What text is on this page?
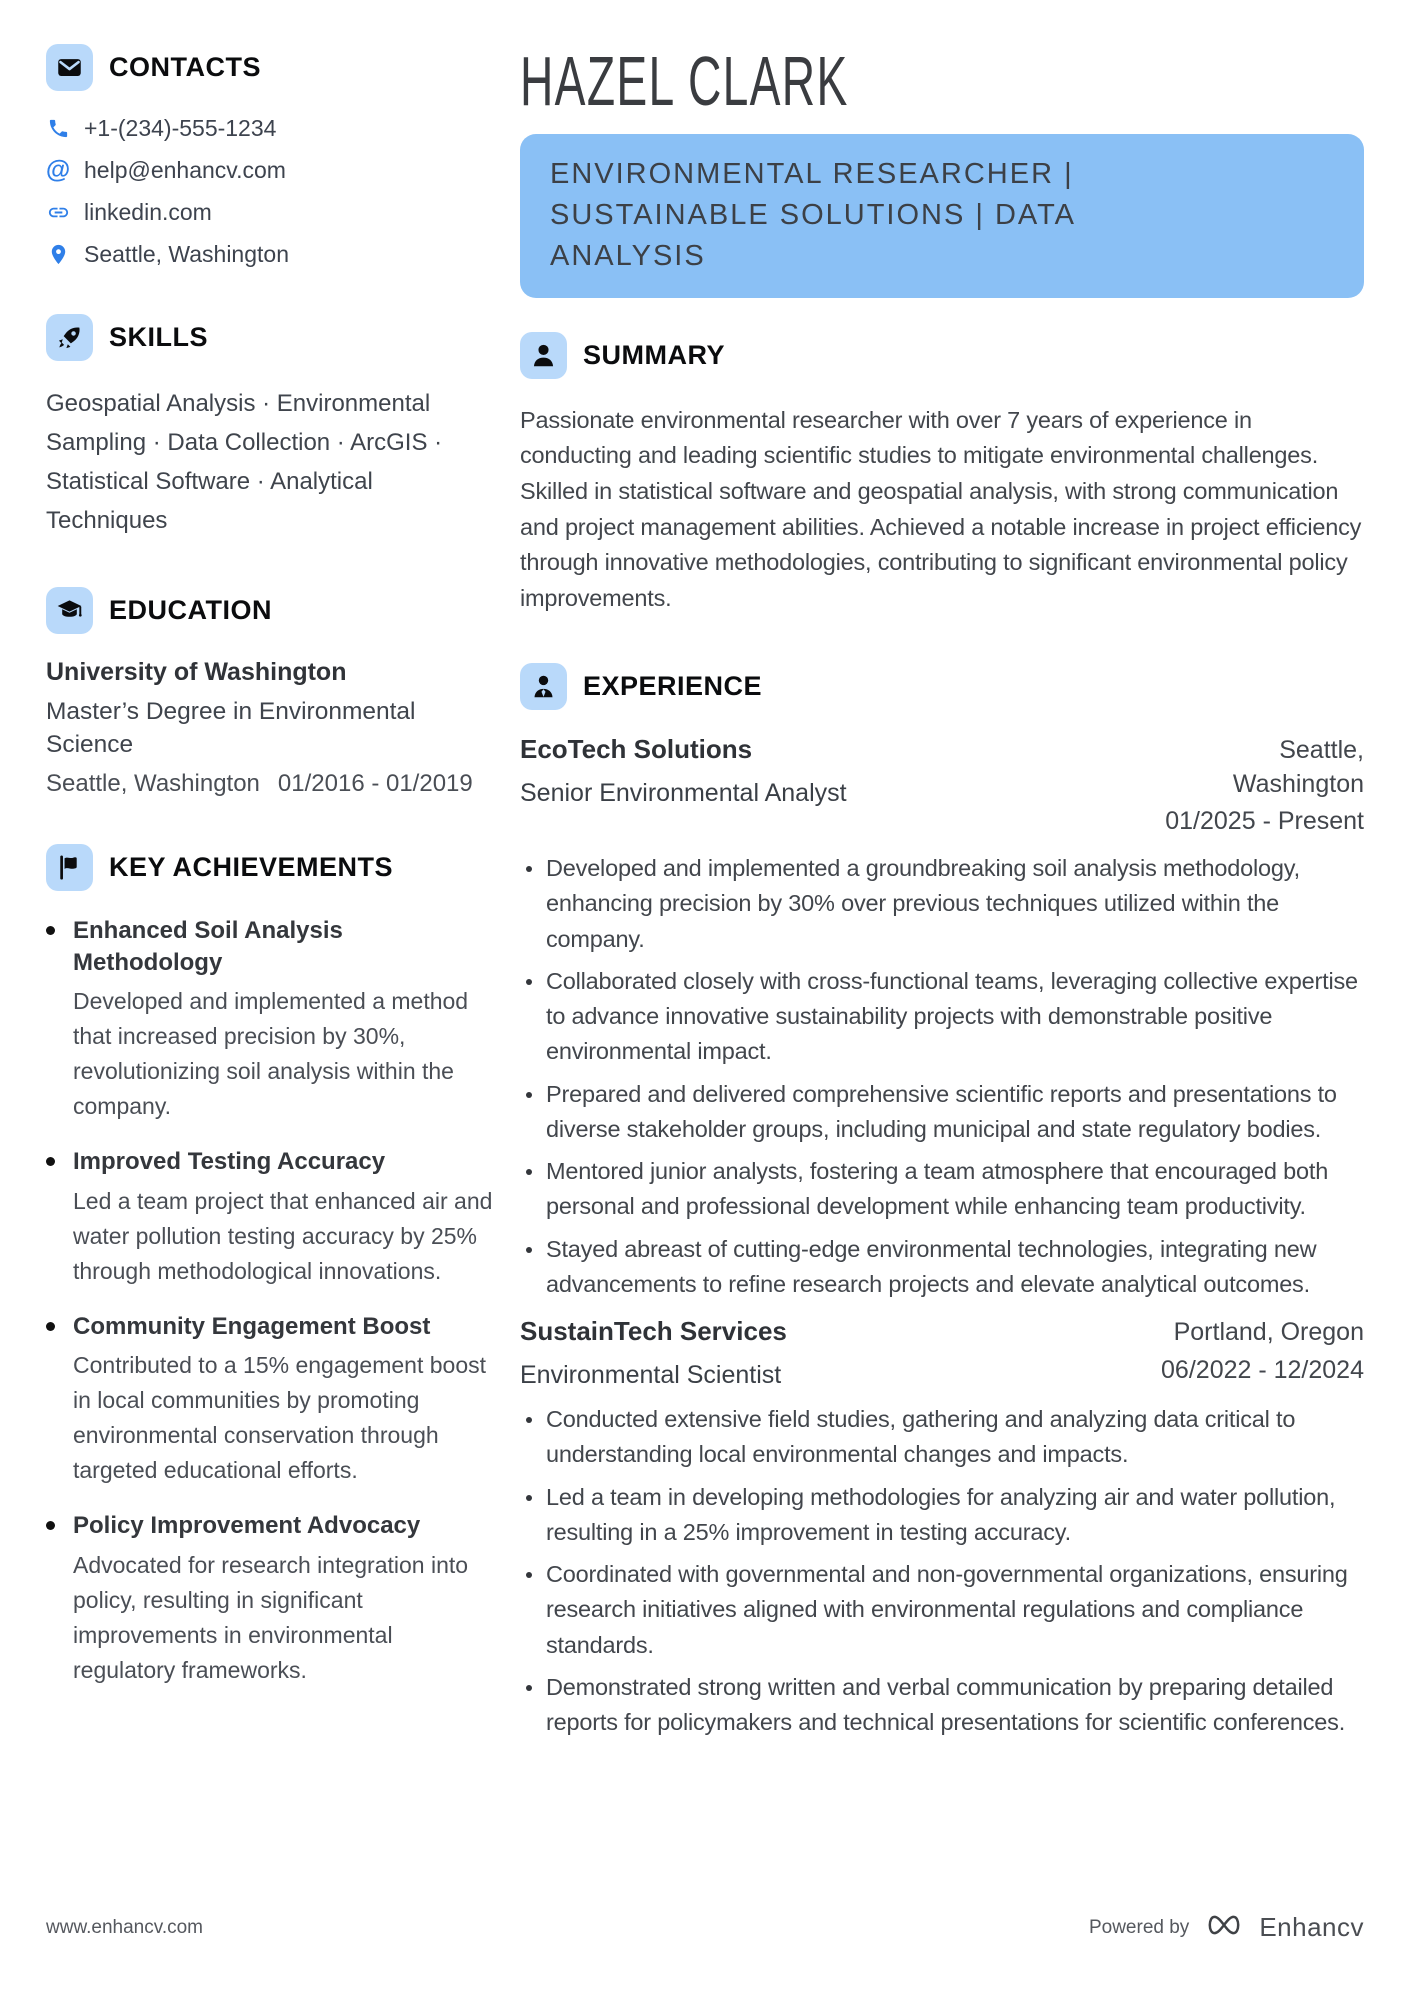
CONTACTS
+1-(234)-555-1234
@ help@enhancv.com
linkedin.com
Seattle, Washington
SKILLS

Geospatial Analysis · Environmental Sampling · Data Collection · ArcGIS · Statistical Software · Analytical Techniques

EDUCATION
University of Washington
Master’s Degree in Environmental Science
Seattle, Washington 01/2016 - 01/2019
KEY ACHIEVEMENTS
Enhanced Soil Analysis Methodology

Developed and implemented a method that increased precision by 30%, revolutionizing soil analysis within the company.

Improved Testing Accuracy

Led a team project that enhanced air and water pollution testing accuracy by 25% through methodological innovations.

Community Engagement Boost

Contributed to a 15% engagement boost in local communities by promoting environmental conservation through targeted educational efforts.

Policy Improvement Advocacy

Advocated for research integration into policy, resulting in significant improvements in environmental regulatory frameworks.

HAZEL CLARK
ENVIRONMENTAL RESEARCHER | SUSTAINABLE SOLUTIONS | DATA ANALYSIS
SUMMARY

Passionate environmental researcher with over 7 years of experience in conducting and leading scientific studies to mitigate environmental challenges. Skilled in statistical software and geospatial analysis, with strong communication and project management abilities. Achieved a notable increase in project efficiency through innovative methodologies, contributing to significant environmental policy improvements.

EXPERIENCE
EcoTech Solutions
Senior Environmental Analyst
Seattle, Washington
01/2025 - Present
Developed and implemented a groundbreaking soil analysis methodology, enhancing precision by 30% over previous techniques utilized within the company.
Collaborated closely with cross-functional teams, leveraging collective expertise to advance innovative sustainability projects with demonstrable positive environmental impact.
Prepared and delivered comprehensive scientific reports and presentations to diverse stakeholder groups, including municipal and state regulatory bodies.
Mentored junior analysts, fostering a team atmosphere that encouraged both personal and professional development while enhancing team productivity.
Stayed abreast of cutting-edge environmental technologies, integrating new advancements to refine research projects and elevate analytical outcomes.
SustainTech Services
Environmental Scientist
Portland, Oregon
06/2022 - 12/2024
Conducted extensive field studies, gathering and analyzing data critical to understanding local environmental changes and impacts.
Led a team in developing methodologies for analyzing air and water pollution, resulting in a 25% improvement in testing accuracy.
Coordinated with governmental and non-governmental organizations, ensuring research initiatives aligned with environmental regulations and compliance standards.
Demonstrated strong written and verbal communication by preparing detailed reports for policymakers and technical presentations for scientific conferences.
www.enhancv.com	Powered by	Enhancv
